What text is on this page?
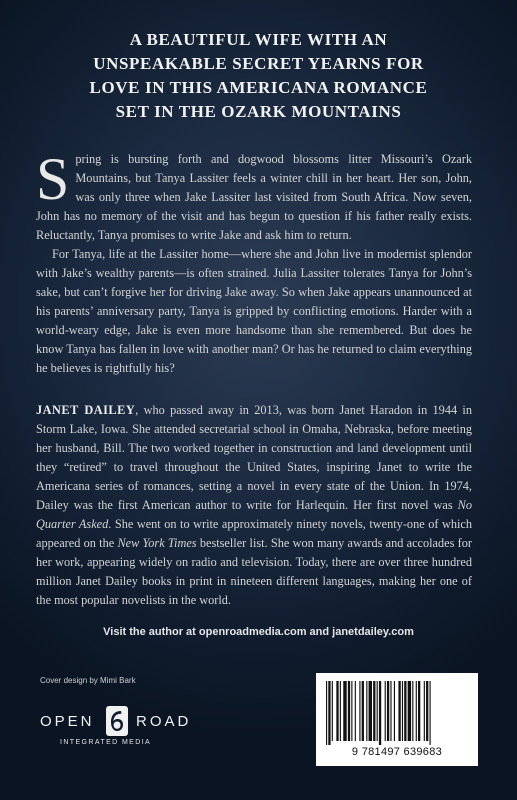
A BEAUTIFUL WIFE WITH AN
UNSPEAKABLE SECRET YEARNS FOR
LOVE IN THIS AMERICANA ROMANCE
SET IN THE OZARK MOUNTAINS

Spring is bursting forth and dogwood blossoms litter Missouri’s Ozark Mountains, but Tanya Lassiter feels a winter chill in her heart. Her son, John, was only three when Jake Lassiter last visited from South Africa. Now seven, John has no memory of the visit and has begun to question if his father really exists. Reluctantly, Tanya promises to write Jake and ask him to return.

For Tanya, life at the Lassiter home—where she and John live in modernist splendor with Jake’s wealthy parents—is often strained. Julia Lassiter tolerates Tanya for John’s sake, but can’t forgive her for driving Jake away. So when Jake appears unannounced at his parents’ anniversary party, Tanya is gripped by conflicting emotions. Harder with a world-weary edge, Jake is even more handsome than she remembered. But does he know Tanya has fallen in love with another man? Or has he returned to claim everything he believes is rightfully his?

JANET DAILEY, who passed away in 2013, was born Janet Haradon in 1944 in Storm Lake, Iowa. She attended secretarial school in Omaha, Nebraska, before meeting her husband, Bill. The two worked together in construction and land development until they “retired” to travel throughout the United States, inspiring Janet to write the Americana series of romances, setting a novel in every state of the Union. In 1974, Dailey was the first American author to write for Harlequin. Her first novel was No Quarter Asked. She went on to write approximately ninety novels, twenty-one of which appeared on the New York Times bestseller list. She won many awards and accolades for her work, appearing widely on radio and television. Today, there are over three hundred million Janet Dailey books in print in nineteen different languages, making her one of the most popular novelists in the world.
Visit the author at openroadmedia.com and janetdailey.com
Cover design by Mimi Bark
OPEN	ROAD
INTEGRATED MEDIA
9 781497 639683
